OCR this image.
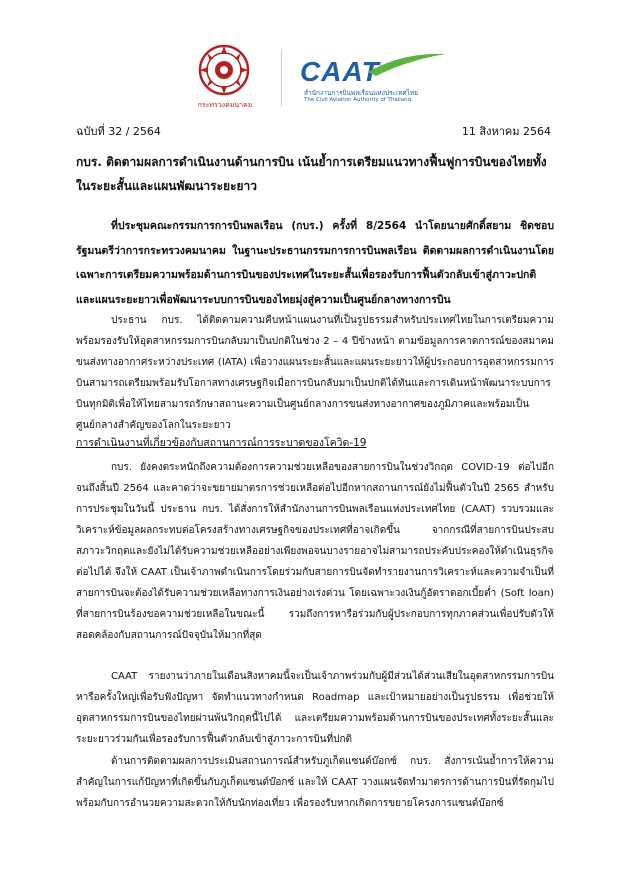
กระทรวงคมนาคม
CAAT
สำนักงานการบินพลเรือนแห่งประเทศไทย
The Civil Aviation Authority of Thailand
ฉบับที่ 32 / 2564	11 สิงหาคม 2564
กบร. ติดตามผลการดำเนินงานด้านการบิน เน้นย้ำการเตรียมแนวทางฟื้นฟูการบินของไทยทั้งในระยะสั้นและแผนพัฒนาระยะยาว
ที่ประชุมคณะกรรมการการบินพลเรือน (กบร.) ครั้งที่ 8/2564 นำโดยนายศักดิ์สยาม ชิดชอบ รัฐมนตรีว่าการกระทรวงคมนาคม ในฐานะประธานกรรมการการบินพลเรือน ติดตามผลการดำเนินงานโดยเฉพาะการเตรียมความพร้อมด้านการบินของประเทศในระยะสั้นเพื่อรองรับการฟื้นตัวกลับเข้าสู่ภาวะปกติและแผนระยะยาวเพื่อพัฒนาระบบการบินของไทยมุ่งสู่ความเป็นศูนย์กลางทางการบิน
ประธาน กบร. ได้ติดตามความคืบหน้าแผนงานที่เป็นรูปธรรมสำหรับประเทศไทยในการเตรียมความพร้อมรองรับให้อุตสาหกรรมการบินกลับมาเป็นปกติในช่วง 2 – 4 ปีข้างหน้า ตามข้อมูลการคาดการณ์ของสมาคมขนส่งทางอากาศระหว่างประเทศ (IATA) เพื่อวางแผนระยะสั้นและแผนระยะยาวให้ผู้ประกอบการอุตสาหกรรมการบินสามารถเตรียมพร้อมรับโอกาสทางเศรษฐกิจเมื่อการบินกลับมาเป็นปกติได้ทันและการเดินหน้าพัฒนาระบบการบินทุกมิติเพื่อให้ไทยสามารถรักษาสถานะความเป็นศูนย์กลางการขนส่งทางอากาศของภูมิภาคและพร้อมเป็นศูนย์กลางสำคัญของโลกในระยะยาว
การดำเนินงานที่เกี่ยวข้องกับสถานการณ์การระบาดของโควิด-19
กบร. ยังคงตระหนักถึงความต้องการความช่วยเหลือของสายการบินในช่วงวิกฤต COVID-19 ต่อไปอีกจนถึงสิ้นปี 2564 และคาดว่าจะขยายมาตรการช่วยเหลือต่อไปอีกหากสถานการณ์ยังไม่ฟื้นตัวในปี 2565 สำหรับการประชุมในวันนี้ ประธาน กบร. ได้สั่งการให้สำนักงานการบินพลเรือนแห่งประเทศไทย (CAAT) รวบรวมและวิเคราะห์ข้อมูลผลกระทบต่อโครงสร้างทางเศรษฐกิจของประเทศที่อาจเกิดขึ้น จากกรณีที่สายการบินประสบสภาวะวิกฤตและยังไม่ได้รับความช่วยเหลืออย่างเพียงพอจนบางรายอาจไม่สามารถประคับประคองให้ดำเนินธุรกิจต่อไปได้ จึงให้ CAAT เป็นเจ้าภาพดำเนินการโดยร่วมกับสายการบินจัดทำรายงานการวิเคราะห์และความจำเป็นที่สายการบินจะต้องได้รับความช่วยเหลือทางการเงินอย่างเร่งด่วน โดยเฉพาะวงเงินกู้อัตราดอกเบี้ยต่ำ (Soft loan) ที่สายการบินร้องขอความช่วยเหลือในขณะนี้ รวมถึงการหารือร่วมกับผู้ประกอบการทุกภาคส่วนเพื่อปรับตัวให้สอดคล้องกับสถานการณ์ปัจจุบันให้มากที่สุด
CAAT รายงานว่าภายในเดือนสิงหาคมนี้จะเป็นเจ้าภาพร่วมกับผู้มีส่วนได้ส่วนเสียในอุตสาหกรรมการบินหารือครั้งใหญ่เพื่อรับฟังปัญหา จัดทำแนวทางกำหนด Roadmap และเป้าหมายอย่างเป็นรูปธรรม เพื่อช่วยให้อุตสาหกรรมการบินของไทยผ่านพ้นวิกฤตนี้ไปได้ และเตรียมความพร้อมด้านการบินของประเทศทั้งระยะสั้นและระยะยาวร่วมกันเพื่อรองรับการฟื้นตัวกลับเข้าสู่ภาวะการบินที่ปกติ
ด้านการติดตามผลการประเมินสถานการณ์สำหรับภูเก็ตแซนด์บ๊อกซ์ กบร. สั่งการเน้นย้ำการให้ความสำคัญในการแก้ปัญหาที่เกิดขึ้นกับภูเก็ตแซนด์บ๊อกซ์ และให้ CAAT วางแผนจัดทำมาตรการด้านการบินที่รัดกุมไปพร้อมกับการอำนวยความสะดวกให้กับนักท่องเที่ยว เพื่อรองรับหากเกิดการขยายโครงการแซนด์บ๊อกซ์
